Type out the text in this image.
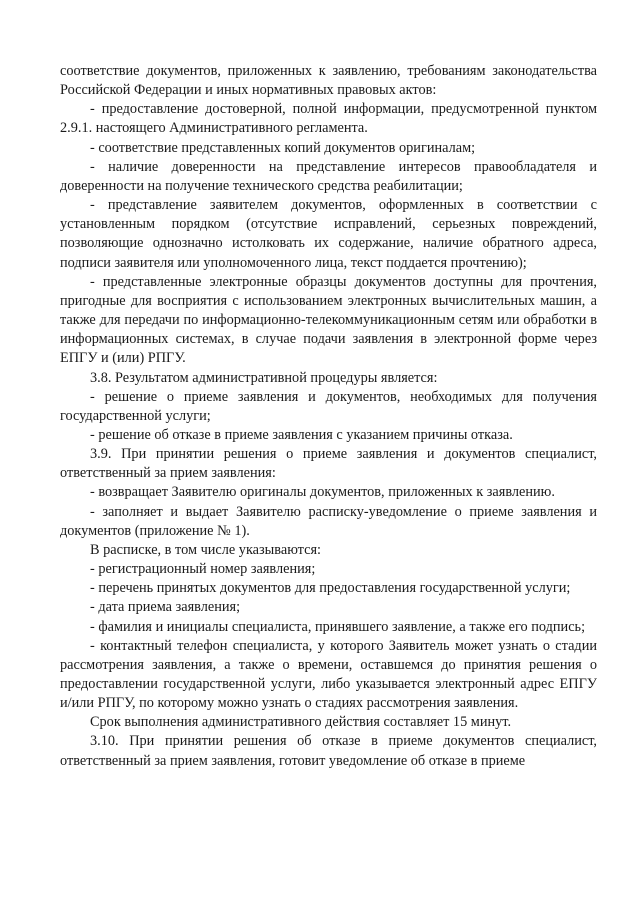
соответствие документов, приложенных к заявлению, требованиям законодательства Российской Федерации и иных нормативных правовых актов:

- предоставление достоверной, полной информации, предусмотренной пунктом 2.9.1. настоящего Административного регламента.

- соответствие представленных копий документов оригиналам;

- наличие доверенности на представление интересов правообладателя и доверенности на получение технического средства реабилитации;

- представление заявителем документов, оформленных в соответствии с установленным порядком (отсутствие исправлений, серьезных повреждений, позволяющие однозначно истолковать их содержание, наличие обратного адреса, подписи заявителя или уполномоченного лица, текст поддается прочтению);

- представленные электронные образцы документов доступны для прочтения, пригодные для восприятия с использованием электронных вычислительных машин, а также для передачи по информационно-телекоммуникационным сетям или обработки в информационных системах, в случае подачи заявления в электронной форме через ЕПГУ и (или) РПГУ.

3.8. Результатом административной процедуры является:

- решение о приеме заявления и документов, необходимых для получения государственной услуги;

- решение об отказе в приеме заявления с указанием причины отказа.

3.9. При принятии решения о приеме заявления и документов специалист, ответственный за прием заявления:

- возвращает Заявителю оригиналы документов, приложенных к заявлению.

- заполняет и выдает Заявителю расписку-уведомление о приеме заявления и документов (приложение № 1).

В расписке, в том числе указываются:

- регистрационный номер заявления;

- перечень принятых документов для предоставления государственной услуги;

- дата приема заявления;

- фамилия и инициалы специалиста, принявшего заявление, а также его подпись;

- контактный телефон специалиста, у которого Заявитель может узнать о стадии рассмотрения заявления, а также о времени, оставшемся до принятия решения о предоставлении государственной услуги, либо указывается электронный адрес ЕПГУ и/или РПГУ, по которому можно узнать о стадиях рассмотрения заявления.

Срок выполнения административного действия составляет 15 минут.

3.10. При принятии решения об отказе в приеме документов специалист, ответственный за прием заявления, готовит уведомление об отказе в приеме
